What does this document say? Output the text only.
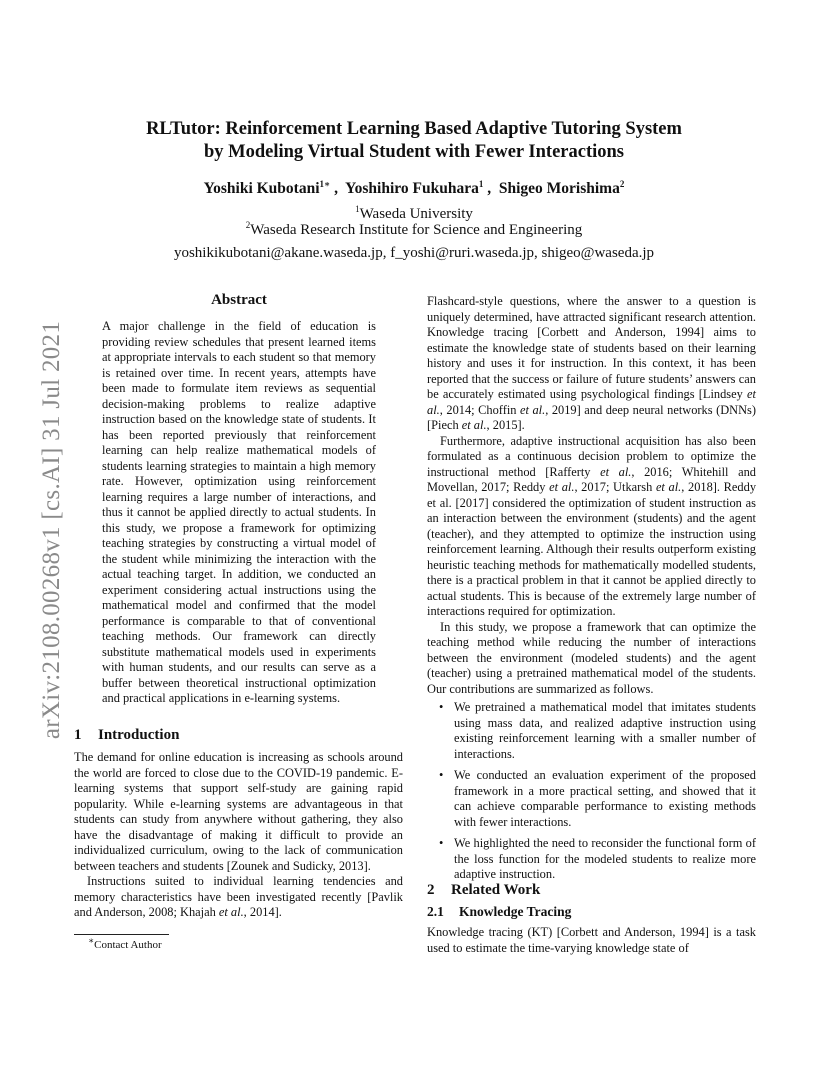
arXiv:2108.00268v1 [cs.AI] 31 Jul 2021
RLTutor: Reinforcement Learning Based Adaptive Tutoring System
by Modeling Virtual Student with Fewer Interactions
Yoshiki Kubotani$^{1∗}$ ,  Yoshihiro Fukuhara$^1$ ,  Shigeo Morishima$^2$
$^1$Waseda University
$^2$Waseda Research Institute for Science and Engineering
yoshikikubotani@akane.waseda.jp, f_yoshi@ruri.waseda.jp, shigeo@waseda.jp
Abstract
A major challenge in the field of education is providing review schedules that present learned items at appropriate intervals to each student so that memory is retained over time. In recent years, attempts have been made to formulate item reviews as sequential decision-making problems to realize adaptive instruction based on the knowledge state of students. It has been reported previously that reinforcement learning can help realize mathematical models of students learning strategies to maintain a high memory rate. However, optimization using reinforcement learning requires a large number of interactions, and thus it cannot be applied directly to actual students. In this study, we propose a framework for optimizing teaching strategies by constructing a virtual model of the student while minimizing the interaction with the actual teaching target. In addition, we conducted an experiment considering actual instructions using the mathematical model and confirmed that the model performance is comparable to that of conventional teaching methods. Our framework can directly substitute mathematical models used in experiments with human students, and our results can serve as a buffer between theoretical instructional optimization and practical applications in e-learning systems.
1 Introduction

The demand for online education is increasing as schools around the world are forced to close due to the COVID-19 pandemic. E-learning systems that support self-study are gaining rapid popularity. While e-learning systems are advantageous in that students can study from anywhere without gathering, they also have the disadvantage of making it difficult to provide an individualized curriculum, owing to the lack of communication between teachers and students [Zounek and Sudicky, 2013].

Instructions suited to individual learning tendencies and memory characteristics have been investigated recently [Pavlik and Anderson, 2008; Khajah et al., 2014].

∗Contact Author

Flashcard-style questions, where the answer to a question is uniquely determined, have attracted significant research attention. Knowledge tracing [Corbett and Anderson, 1994] aims to estimate the knowledge state of students based on their learning history and uses it for instruction. In this context, it has been reported that the success or failure of future students’ answers can be accurately estimated using psychological findings [Lindsey et al., 2014; Choffin et al., 2019] and deep neural networks (DNNs) [Piech et al., 2015].

Furthermore, adaptive instructional acquisition has also been formulated as a continuous decision problem to optimize the instructional method [Rafferty et al., 2016; Whitehill and Movellan, 2017; Reddy et al., 2017; Utkarsh et al., 2018]. Reddy et al. [2017] considered the optimization of student instruction as an interaction between the environment (students) and the agent (teacher), and they attempted to optimize the instruction using reinforcement learning. Although their results outperform existing heuristic teaching methods for mathematically modelled students, there is a practical problem in that it cannot be applied directly to actual students. This is because of the extremely large number of interactions required for optimization.

In this study, we propose a framework that can optimize the teaching method while reducing the number of interactions between the environment (modeled students) and the agent (teacher) using a pretrained mathematical model of the students. Our contributions are summarized as follows.

• We pretrained a mathematical model that imitates students using mass data, and realized adaptive instruction using existing reinforcement learning with a smaller number of interactions.
• We conducted an evaluation experiment of the proposed framework in a more practical setting, and showed that it can achieve comparable performance to existing methods with fewer interactions.
• We highlighted the need to reconsider the functional form of the loss function for the modeled students to realize more adaptive instruction.
2 Related Work
2.1 Knowledge Tracing
Knowledge tracing (KT) [Corbett and Anderson, 1994] is a task used to estimate the time-varying knowledge state of
